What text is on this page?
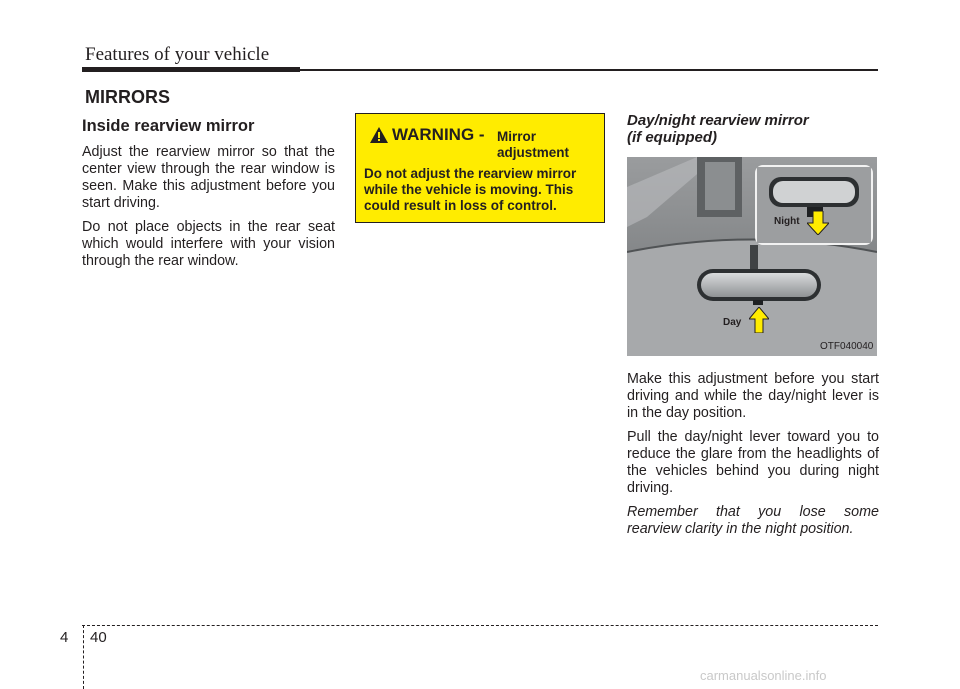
Features of your vehicle
MIRRORS
Inside rearview mirror

Adjust the rearview mirror so that the center view through the rear window is seen. Make this adjustment before you start driving.

Do not place objects in the rear seat which would interfere with your vision through the rear window.

WARNING - Mirror
adjustment
Do not adjust the rearview mirror while the vehicle is moving. This could result in loss of control.
Day/night rearview mirror
(if equipped)
Night
Day
OTF040040

Make this adjustment before you start driving and while the day/night lever is in the day position.

Pull the day/night lever toward you to reduce the glare from the headlights of the vehicles behind you during night driving.

Remember that you lose some rearview clarity in the night position.

4 40
carmanualsonline.info
